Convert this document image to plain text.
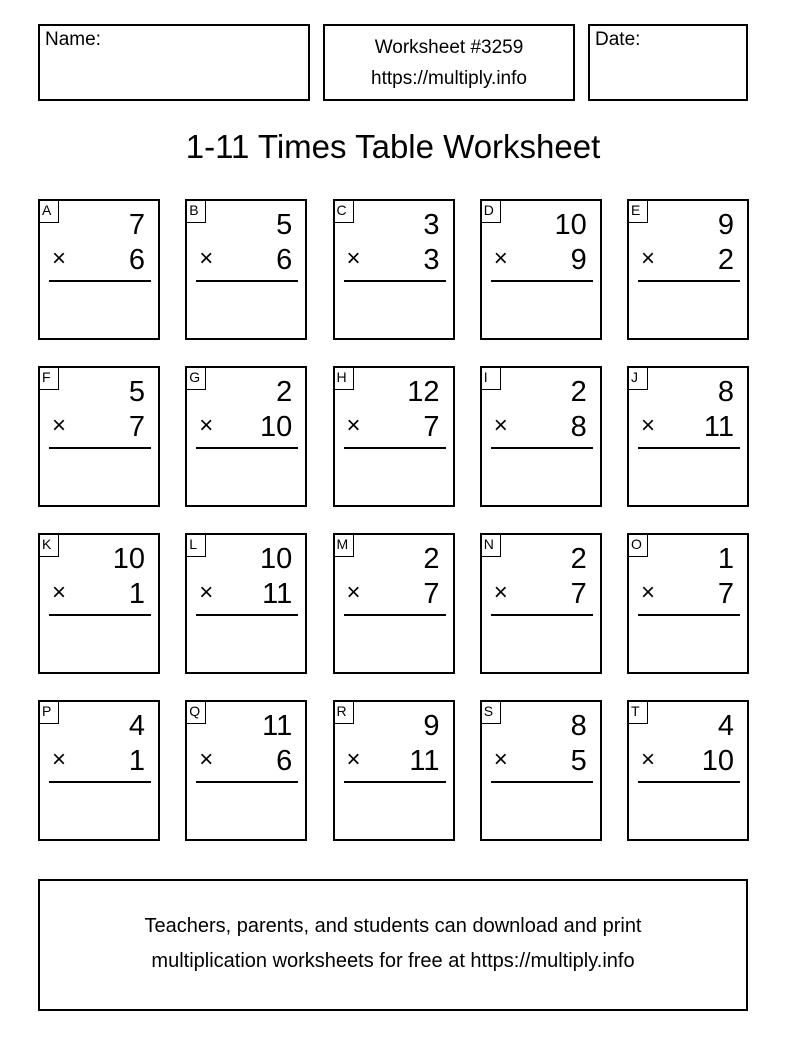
Name:	Worksheet #3259
https://multiply.info
Date:
1-11 Times Table Worksheet
A	7
× 6
B	5
× 6
C	3
× 3
D 10
× 9
E	9
× 2
F	5
× 7
G	2
× 10
H 12
× 7
I	2
× 8
J	8
× 11
K 10
× 1
L	10
× 11
M	2
× 7
N	2
× 7
O	1
× 7
P	4
× 1
Q 11
× 6
R	9
× 11
S	8
× 5
T	4
× 10
Teachers, parents, and students can download and print
multiplication worksheets for free at https://multiply.info
